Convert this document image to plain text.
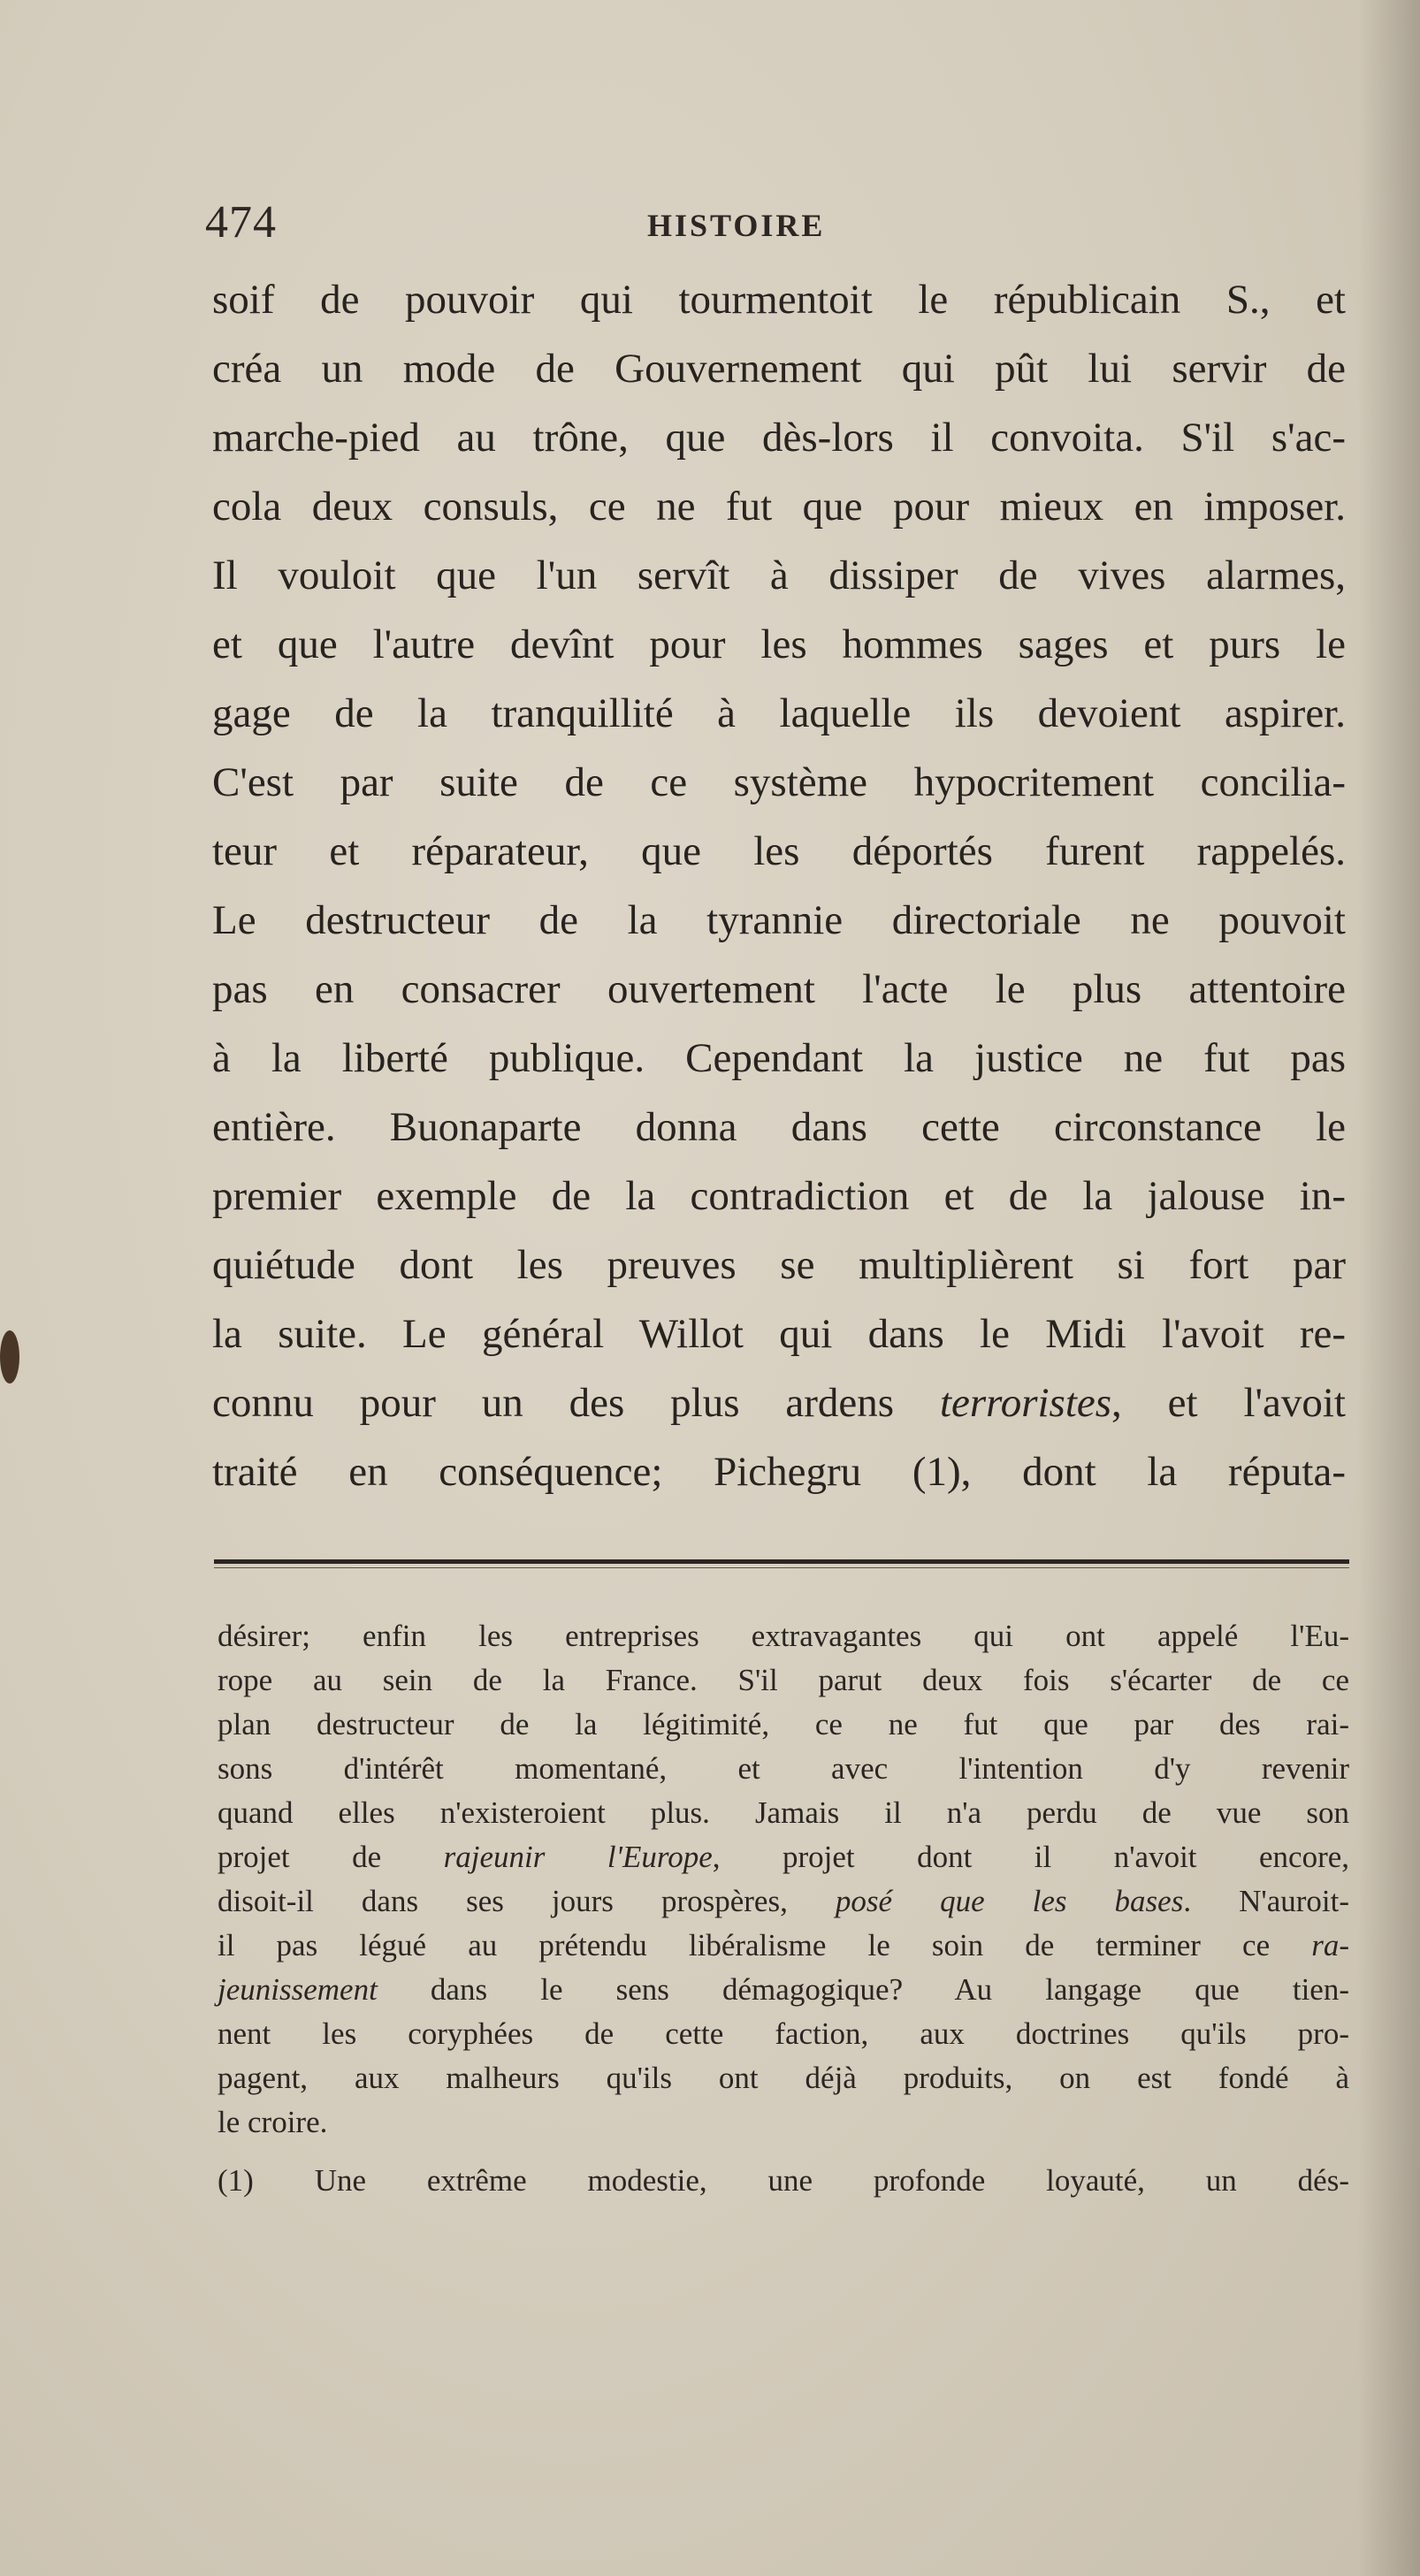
474	HISTOIRE
soif de pouvoir qui tourmentoit le républicain S., et
créa un mode de Gouvernement qui pût lui servir de
marche-pied au trône, que dès-lors il convoita. S'il s'ac-
cola deux consuls, ce ne fut que pour mieux en imposer.
Il vouloit que l'un servît à dissiper de vives alarmes,
et que l'autre devînt pour les hommes sages et purs le
gage de la tranquillité à laquelle ils devoient aspirer.
C'est par suite de ce système hypocritement concilia-
teur et réparateur, que les déportés furent rappelés.
Le destructeur de la tyrannie directoriale ne pouvoit
pas en consacrer ouvertement l'acte le plus attentoire
à la liberté publique. Cependant la justice ne fut pas
entière. Buonaparte donna dans cette circonstance le
premier exemple de la contradiction et de la jalouse in-
quiétude dont les preuves se multiplièrent si fort par
la suite. Le général Willot qui dans le Midi l'avoit re-
connu pour un des plus ardens terroristes, et l'avoit
traité en conséquence; Pichegru (1), dont la réputa-
désirer; enfin les entreprises extravagantes qui ont appelé l'Eu-
rope au sein de la France. S'il parut deux fois s'écarter de ce
plan destructeur de la légitimité, ce ne fut que par des rai-
sons d'intérêt momentané, et avec l'intention d'y revenir
quand elles n'existeroient plus. Jamais il n'a perdu de vue son
projet de rajeunir l'Europe, projet dont il n'avoit encore,
disoit-il dans ses jours prospères, posé que les bases. N'auroit-
il pas légué au prétendu libéralisme le soin de terminer ce ra-
jeunissement dans le sens démagogique? Au langage que tien-
nent les coryphées de cette faction, aux doctrines qu'ils pro-
pagent, aux malheurs qu'ils ont déjà produits, on est fondé à
le croire.
(1) Une extrême modestie, une profonde loyauté, un dés-
